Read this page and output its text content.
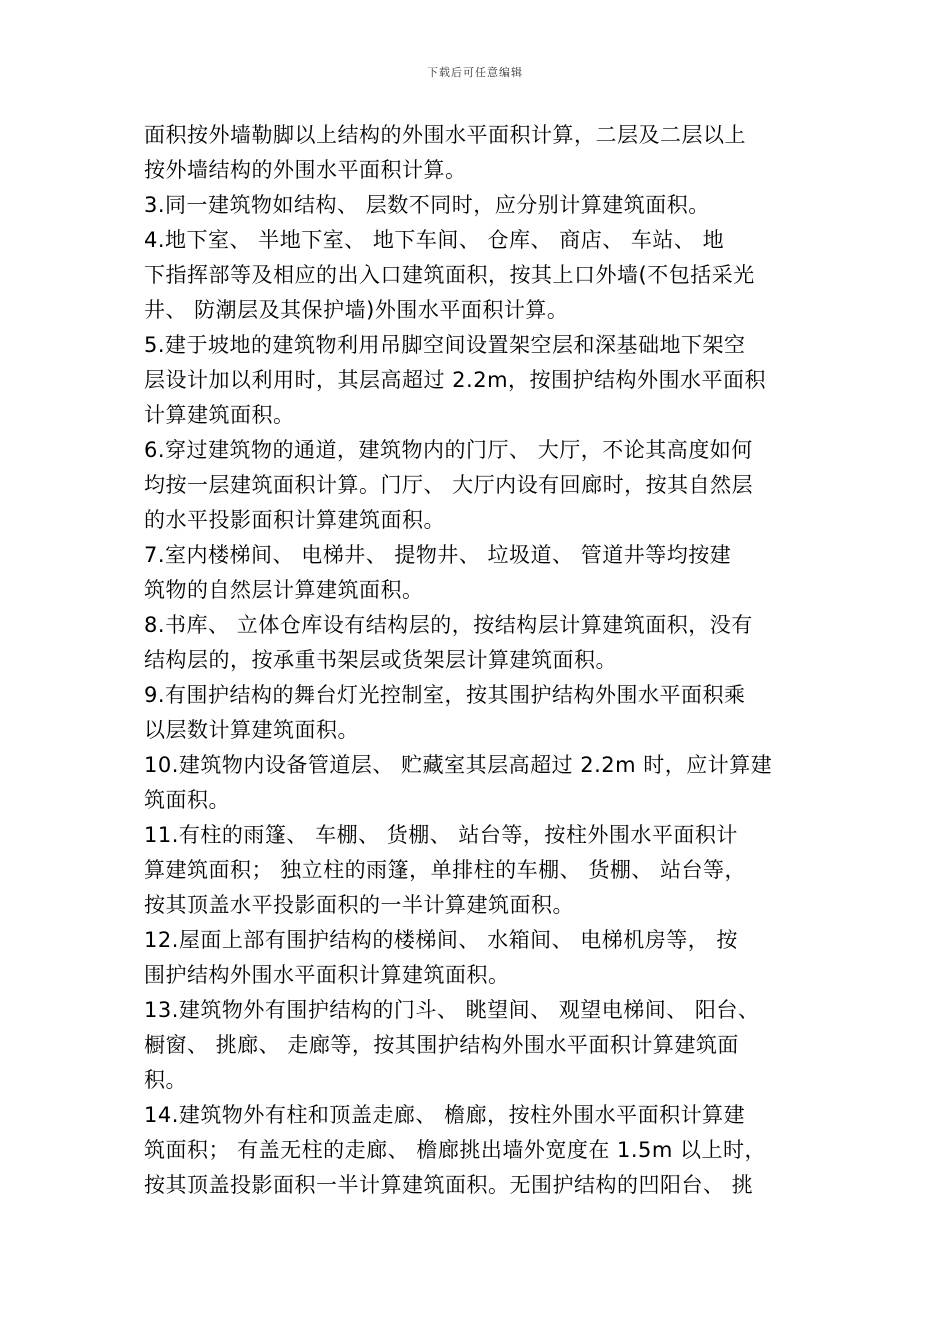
下载后可任意编辑
面积按外墙勒脚以上结构的外围水平面积计算，二层及二层以上
按外墙结构的外围水平面积计算。
3.同一建筑物如结构、 层数不同时，应分别计算建筑面积。
4.地下室、 半地下室、 地下车间、 仓库、 商店、 车站、 地
下指挥部等及相应的出入口建筑面积，按其上口外墙(不包括采光
井、 防潮层及其保护墙)外围水平面积计算。
5.建于坡地的建筑物利用吊脚空间设置架空层和深基础地下架空
层设计加以利用时，其层高超过 2.2m，按围护结构外围水平面积
计算建筑面积。
6.穿过建筑物的通道，建筑物内的门厅、 大厅，不论其高度如何
均按一层建筑面积计算。门厅、 大厅内设有回廊时，按其自然层
的水平投影面积计算建筑面积。
7.室内楼梯间、 电梯井、 提物井、 垃圾道、 管道井等均按建
筑物的自然层计算建筑面积。
8.书库、 立体仓库设有结构层的，按结构层计算建筑面积，没有
结构层的，按承重书架层或货架层计算建筑面积。
9.有围护结构的舞台灯光控制室，按其围护结构外围水平面积乘
以层数计算建筑面积。
10.建筑物内设备管道层、 贮藏室其层高超过 2.2m 时，应计算建
筑面积。
11.有柱的雨篷、 车棚、 货棚、 站台等，按柱外围水平面积计
算建筑面积； 独立柱的雨篷，单排柱的车棚、 货棚、 站台等，
按其顶盖水平投影面积的一半计算建筑面积。
12.屋面上部有围护结构的楼梯间、 水箱间、 电梯机房等， 按
围护结构外围水平面积计算建筑面积。
13.建筑物外有围护结构的门斗、 眺望间、 观望电梯间、 阳台、
橱窗、 挑廊、 走廊等，按其围护结构外围水平面积计算建筑面
积。
14.建筑物外有柱和顶盖走廊、 檐廊，按柱外围水平面积计算建
筑面积； 有盖无柱的走廊、 檐廊挑出墙外宽度在 1.5m 以上时，
按其顶盖投影面积一半计算建筑面积。无围护结构的凹阳台、 挑
